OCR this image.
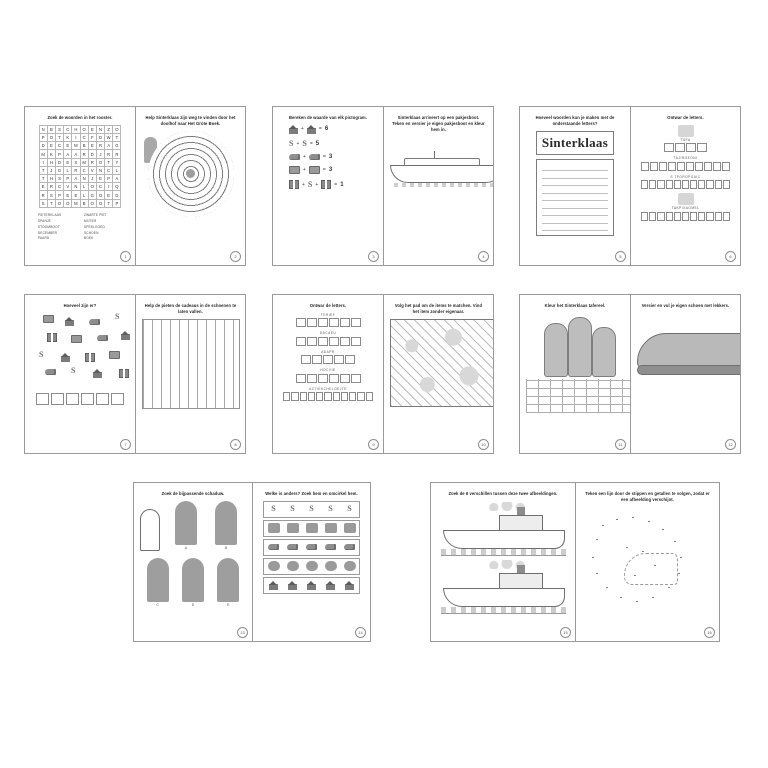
Zoek de woorden in het rooster.
N	B	S	C	H	O	E	N	Z	O
P	O	T	K	I	C	F	D	W	T
D	E	C	E	M	B	E	R	A	G
M	K	P	A	A	R	D	J	R	R
I	H	D	E	X	M	R	O	T	Y
T	J	G	L	R	C	V	N	C	L
T	H	S	P	A	N	J	E	P	A
E	R	C	V	N	L	O	C	I	Q
R	S	P	E	E	L	G	O	E	D
S	T	O	O	M	B	O	O	T	P
PIETERKLAAS
SPANJE
STOOMBOOT
DECEMBER
PAARD
ZWARTE PIET
MIJTER
SPEELGOED
SCHOEN
BOEK
1
Help Sinterklaas zijn weg te vinden door het doolhof naar Het Grote Boek.
2
Bereken de waarde van elk pictogram.
+	= 6
S + S = 5
+	= 3
+	= 3
+ S +	= 1
3
Sinterklaas arriveert op een pakjesboot. Teken en versier je eigen pakjesboot en kleur hem in.
4
Hoeveel woorden kun je maken met de onderstaande letters?
Sinterklaas
5
Ontwar de letters.
TSFA
TAJIROEONI
S TPOROPGAIC
TAKPIXAOMEL
6
Hoeveel zijn er?
S
S
S
7
Help de pieten de cadeaus in de schoenen te laten vallen.
8
Ontwar de letters.
TERIEF
DACAEU
ADAPR
HOCVIE
ACTIEKCHELOEJTE
9
Volg het pad om de items te matchen. Vind het item zonder eigenaar.
10
Kleur het Sinterklaas tafereel.
11
Versier en vul je eigen schoen met lekkers.
12
Zoek de bijpassende schaduw.
A	B
C	D	E
13
Welke is anders? Zoek hem en omcirkel hem.
S S S S S
14
Zoek de 6 verschillen tussen deze twee afbeeldingen.
15
Teken een lijn door de stippen en getallen te volgen, zodat er een afbeelding verschijnt.
16
